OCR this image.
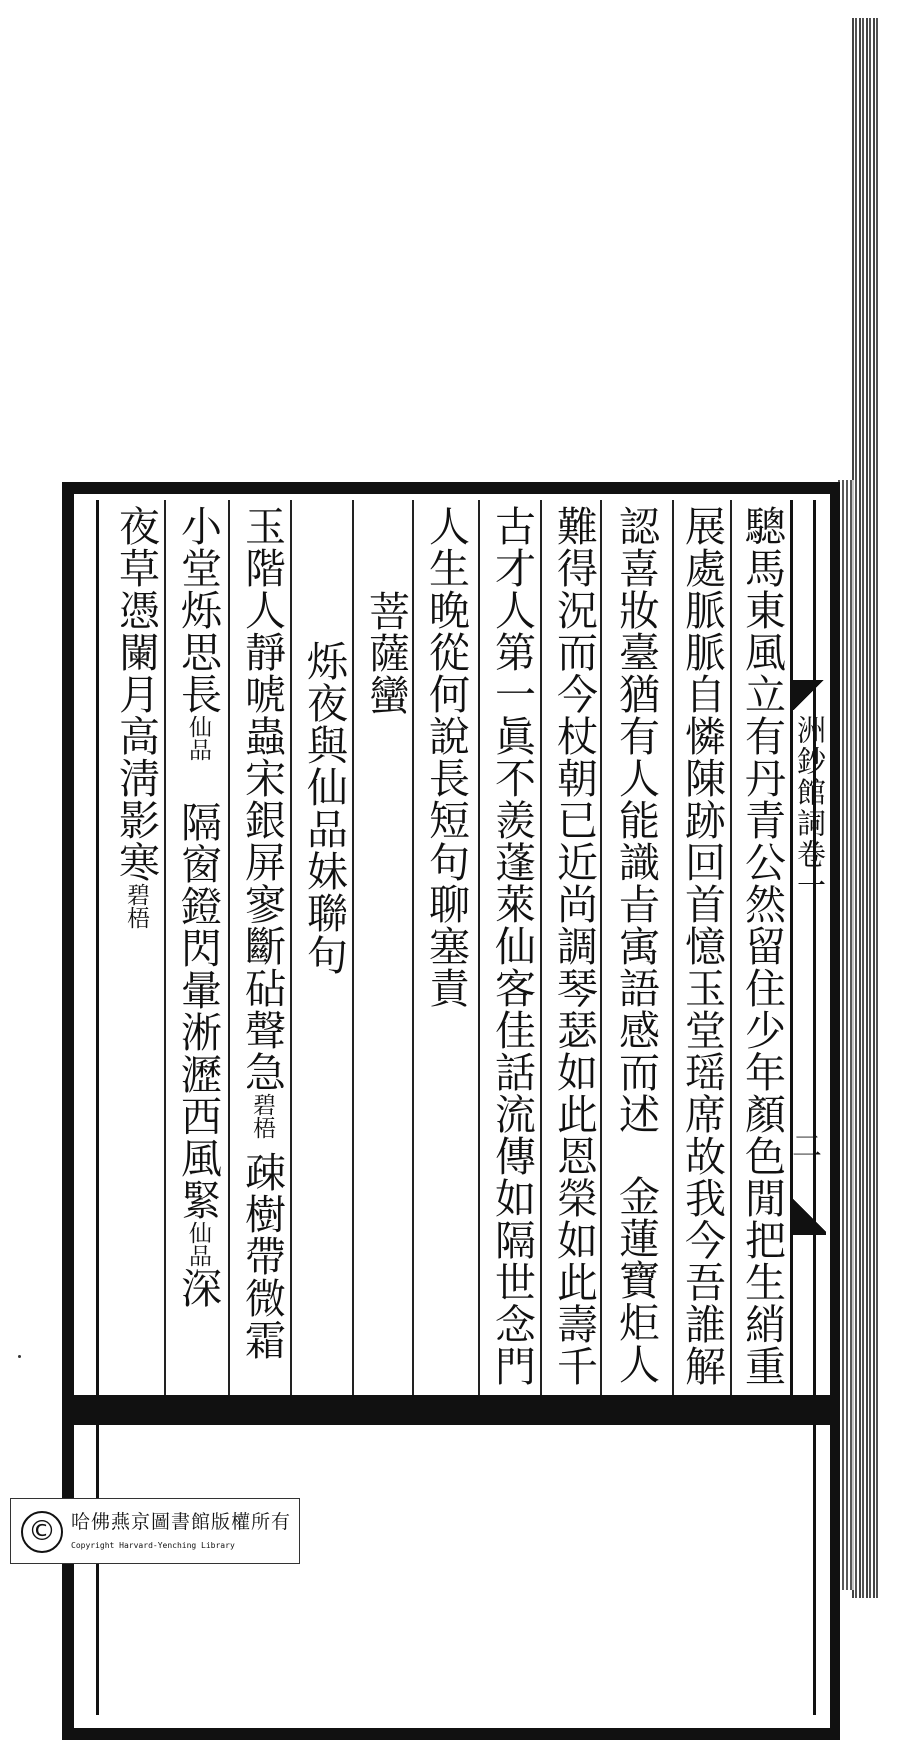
洲鈔館詞卷一
二
驄馬東風立有丹青公然留住少年顏色閒把生綃重
展處脈脈自憐陳跡回首憶玉堂瑶席故我今吾誰解
認喜妝臺猶有人能識㫖㝢語感而述金蓮寶炬人
難得況而今杖朝已近尚調琴瑟如此恩榮如此壽千
古才人第一眞不羨蓬萊仙客佳話流傳如隔世念門
人生晚從何說長短句聊塞責
菩薩蠻
烁夜與仙品妹聯句
玉階人靜唬蟲宋銀屏寥斷砧聲急碧梧疎樹帶微霜
小堂烁思長仙品隔窗鐙閃暈淅瀝西風緊仙品深
夜草憑闌月高淸影寒碧梧
© 哈佛燕京圖書館版權所有
Copyright Harvard-Yenching Library
